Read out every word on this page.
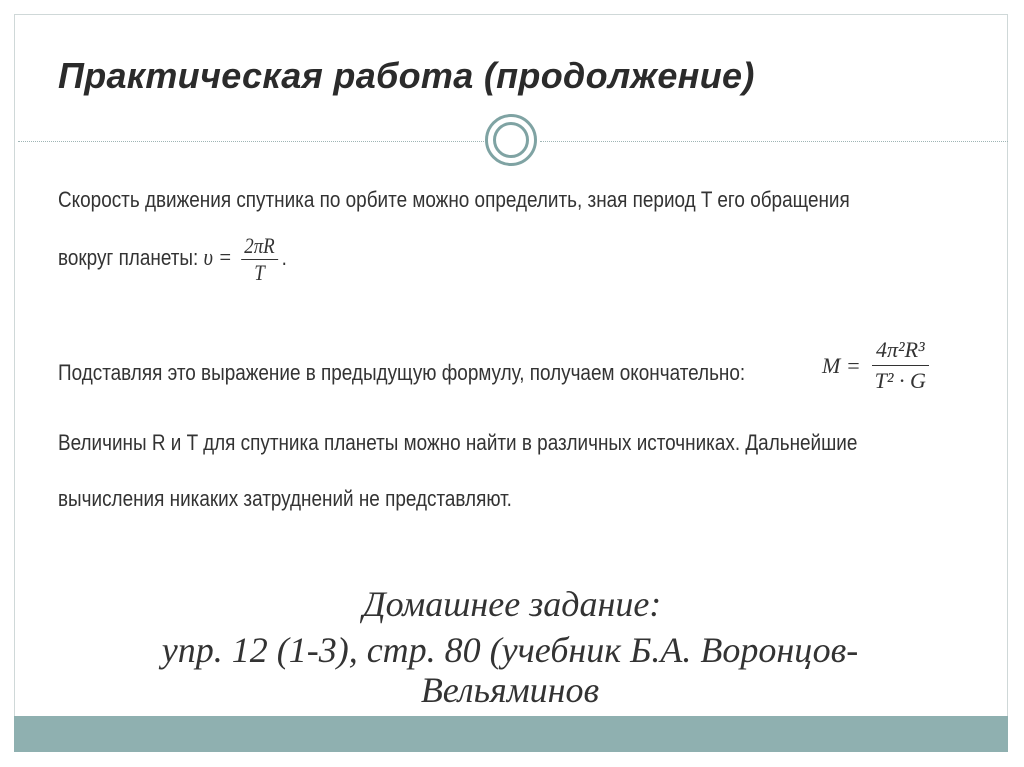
Практическая работа (продолжение)
Скорость движения спутника по орбите можно определить, зная период T его обращения
вокруг планеты: $\upsilon = \frac{2\pi R}{T}$ .
Подставляя это выражение в предыдущую формулу, получаем окончательно:	$M = \frac{\text{4π²R³}}{\text{T² · G}}$
Величины R и T для спутника планеты можно найти в различных источниках. Дальнейшие
вычисления никаких затруднений не представляют.
Домашнее задание:
упр. 12 (1-3), стр. 80 (учебник Б.А. Воронцов-
Вельяминов
